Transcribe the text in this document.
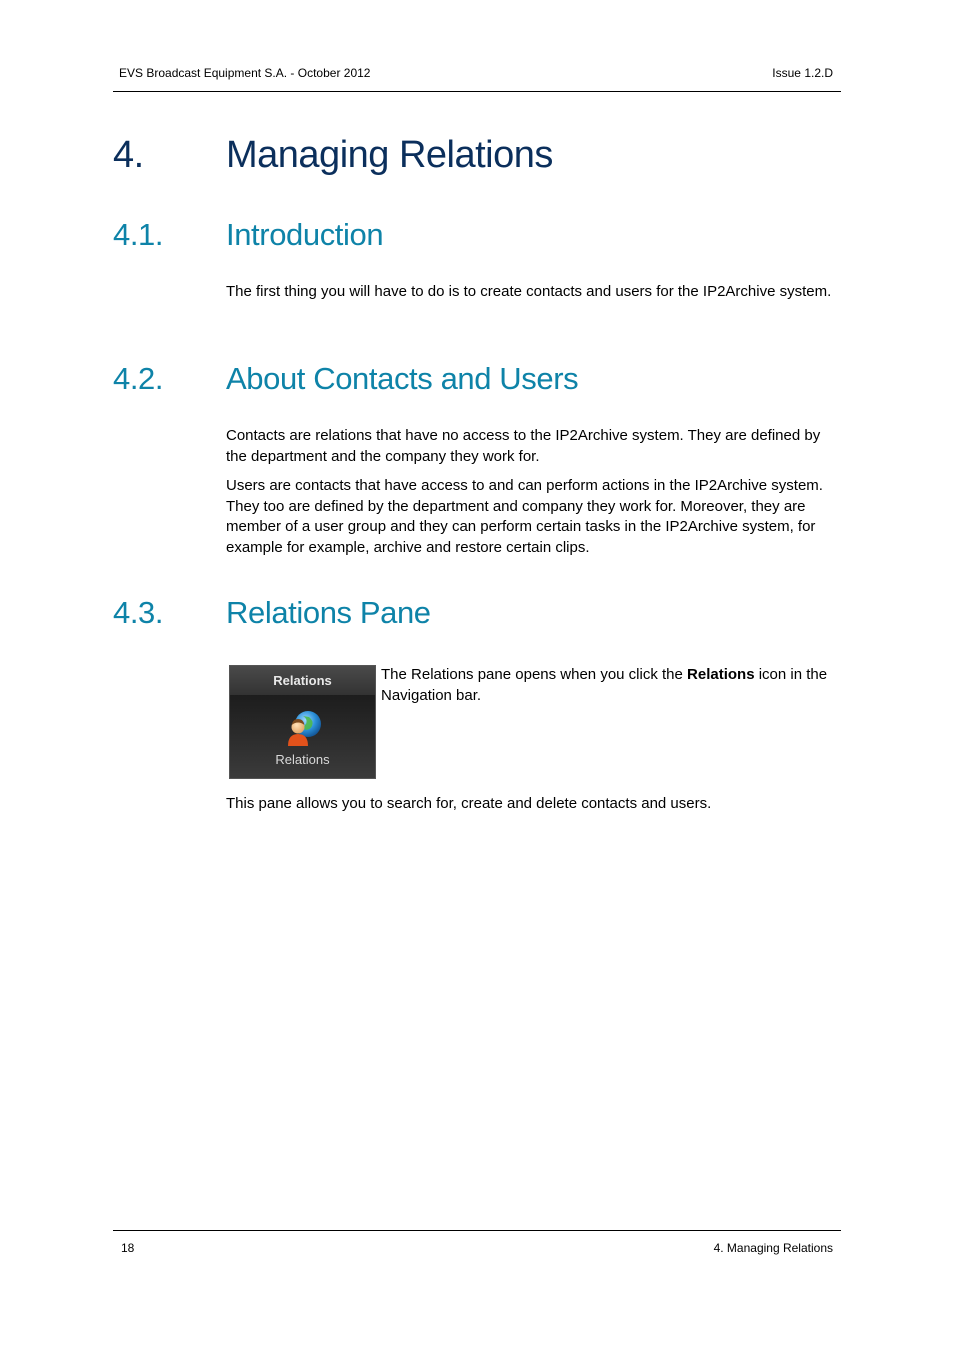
EVS Broadcast Equipment S.A. - October 2012	Issue 1.2.D
4. Managing Relations
4.1. Introduction

The first thing you will have to do is to create contacts and users for the IP2Archive system.

4.2. About Contacts and Users

Contacts are relations that have no access to the IP2Archive system. They are defined by the department and the company they work for.

Users are contacts that have access to and can perform actions in the IP2Archive system. They too are defined by the department and company they work for. Moreover, they are member of a user group and they can perform certain tasks in the IP2Archive system, for example for example, archive and restore certain clips.

4.3. Relations Pane
Relations
Relations

The Relations pane opens when you click the Relations icon in the Navigation bar.

This pane allows you to search for, create and delete contacts and users.

18	4. Managing Relations
